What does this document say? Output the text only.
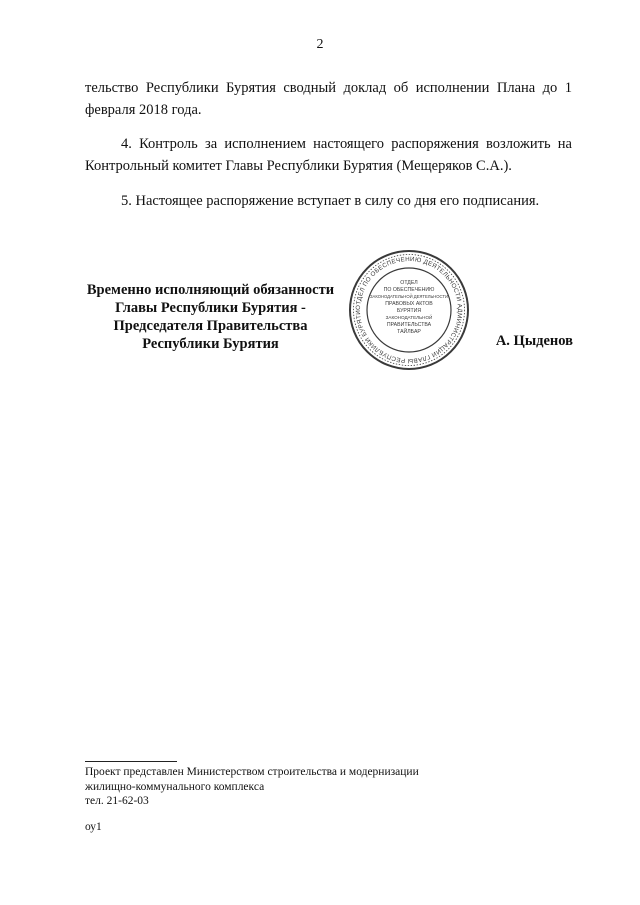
2
тельство Республики Бурятия сводный доклад об исполнении Плана до 1 февраля 2018 года.
4. Контроль за исполнением настоящего распоряжения возложить на Контрольный комитет Главы Республики Бурятия (Мещеряков С.А.).
5. Настоящее распоряжение вступает в силу со дня его подписания.
Временно исполняющий обязанности
Главы Республики Бурятия -
Председателя Правительства
Республики Бурятия
ОТДЕЛ ПО ОБЕСПЕЧЕНИЮ ДЕЯТЕЛЬНОСТИ АДМИНИСТРАЦИИ ГЛАВЫ РЕСПУБЛИКИ БУРЯТИ
ОТДЕЛ
ПО ОБЕСПЕЧЕНИЮ
ЗАКОНОДАТЕЛЬНОЙ ДЕЯТЕЛЬНОСТИ
ПРАВОВЫХ АКТОВ
БУРЯТИЯ
ЗАКОНОДАТЕЛЬНОЙ
ПРАВИТЕЛЬСТВА
ТАЙЛБАР
А. Цыденов
Проект представлен Министерством строительства и модернизации
жилищно-коммунального комплекса
тел. 21-62-03
оу1
